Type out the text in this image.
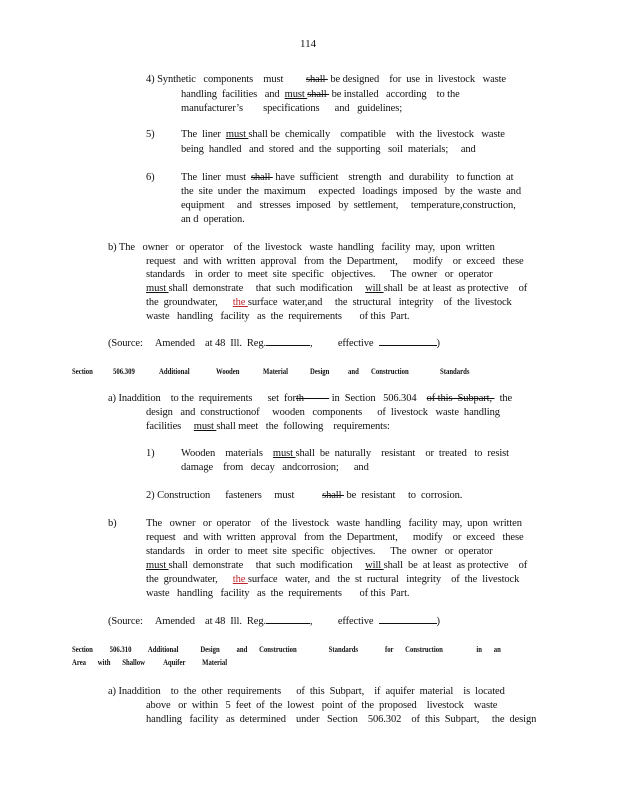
114
4) Synthetic   components    must         shall  be designed    for  use  in  livestock   waste
handling  facilities   and  must shall  be installed   according    to the
manufacturer’s        specifications      and   guidelines;
5)	The  liner  must shall be  chemically    compatible    with  the  livestock   waste
being  handled   and  stored  and  the  supporting   soil  materials;     and
6)	The  liner  must  shall  have  sufficient    strength   and  durability   to function  at
the  site  under  the  maximum     expected   loadings  imposed   by  the  waste  and
equipment     and   stresses  imposed   by  settlement,     temperature,construction,
an d  operation.
b) The   owner   or  operator    of  the  livestock   waste  handling   facility  may,  upon  written
request   and  with  written  approval   from  the  Department,      modify    or  exceed   these
standards    in  order  to  meet  site  specific   objectives.      The  owner   or  operator
must shall  demonstrate     that  such  modification     will shall  be  at least  as protective    of
the  groundwater,      the surface  water,and     the  structural   integrity    of  the  livestock
waste   handling   facility   as  the  requirements       of this  Part.
(Source:     Amended    at 48  Ill.  Reg.	,          effective	)
Section 506.309	Additional	Wooden	Material	Design and Construction	Standards
a) Inaddition    to the  requirements      set  forth           in  Section   506.304    of this  Subpart,   the
design   and  constructionof     wooden   components      of  livestock   waste  handling
facilities     must shall meet   the  following    requirements:
1)	Wooden    materials    must shall  be  naturally    resistant    or  treated   to  resist
damage    from   decay   andcorrosion;      and
2) Construction      fasteners     must           shall  be  resistant     to  corrosion.
b)	The   owner   or  operator    of  the  livestock   waste  handling   facility  may,  upon  written
request   and  with  written  approval   from  the  Department,      modify    or  exceed   these
standards    in  order  to  meet  site  specific   objectives.      The  owner   or  operator
must shall  demonstrate     that  such  modification     will shall  be  at least  as protective    of
the  groundwater,      the surface   water,  and   the  st  ructural   integrity    of  the  livestock
waste   handling   facility   as  the  requirements       of this  Part.
(Source:     Amended    at 48  Ill.  Reg.	,          effective	)
Section          506.310          Additional             Design          and       Construction                   Standards                for       Construction                    in       an
Area       with       Shallow           Aquifer          Material
a) Inaddition    to  the  other  requirements      of  this  Subpart,    if  aquifer  material    is  located
above   or  within   5  feet  of  the  lowest   point  of  the  proposed    livestock    waste
handling   facility   as  determined    under   Section    506.302    of  this  Subpart,     the  design
